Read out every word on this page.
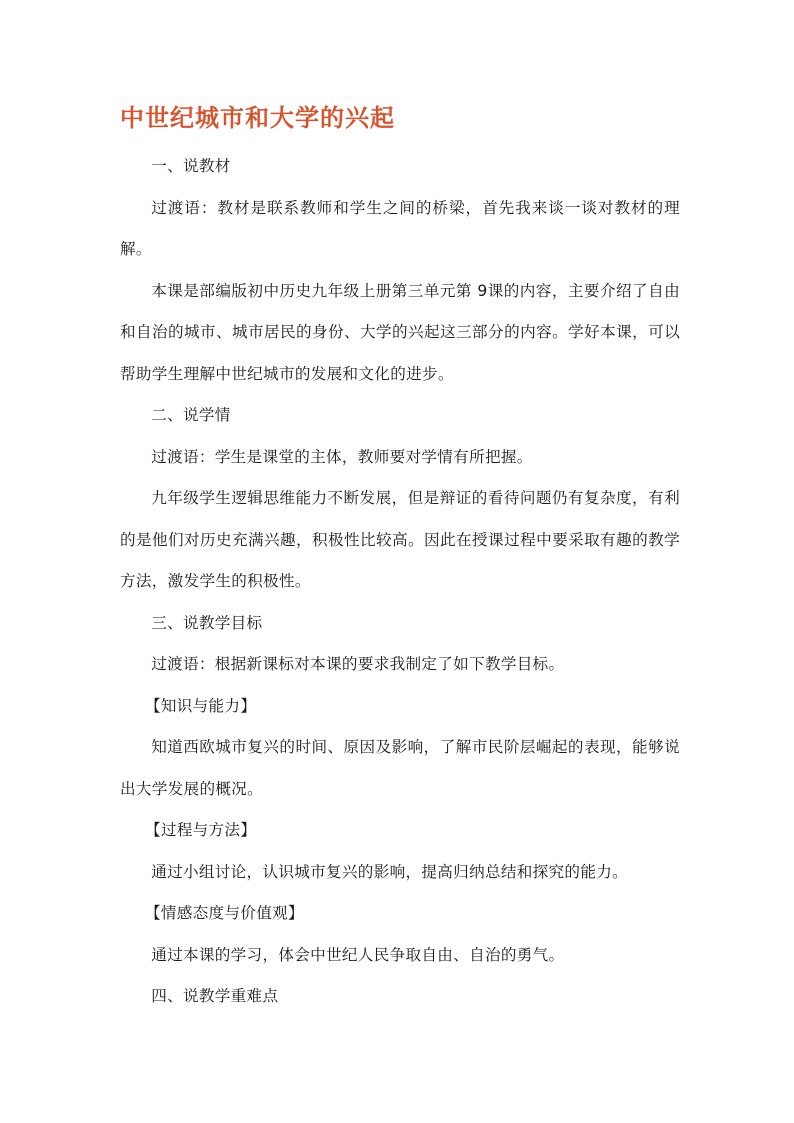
中世纪城市和大学的兴起

一、说教材

过渡语：教材是联系教师和学生之间的桥梁，首先我来谈一谈对教材的理解。

本课是部编版初中历史九年级上册第三单元第 9课的内容，主要介绍了自由和自治的城市、城市居民的身份、大学的兴起这三部分的内容。学好本课，可以帮助学生理解中世纪城市的发展和文化的进步。

二、说学情

过渡语：学生是课堂的主体，教师要对学情有所把握。

九年级学生逻辑思维能力不断发展，但是辩证的看待问题仍有复杂度，有利的是他们对历史充满兴趣，积极性比较高。因此在授课过程中要采取有趣的教学方法，激发学生的积极性。

三、说教学目标

过渡语：根据新课标对本课的要求我制定了如下教学目标。

【知识与能力】

知道西欧城市复兴的时间、原因及影响，了解市民阶层崛起的表现，能够说出大学发展的概况。

【过程与方法】

通过小组讨论，认识城市复兴的影响，提高归纳总结和探究的能力。

【情感态度与价值观】

通过本课的学习，体会中世纪人民争取自由、自治的勇气。

四、说教学重难点
